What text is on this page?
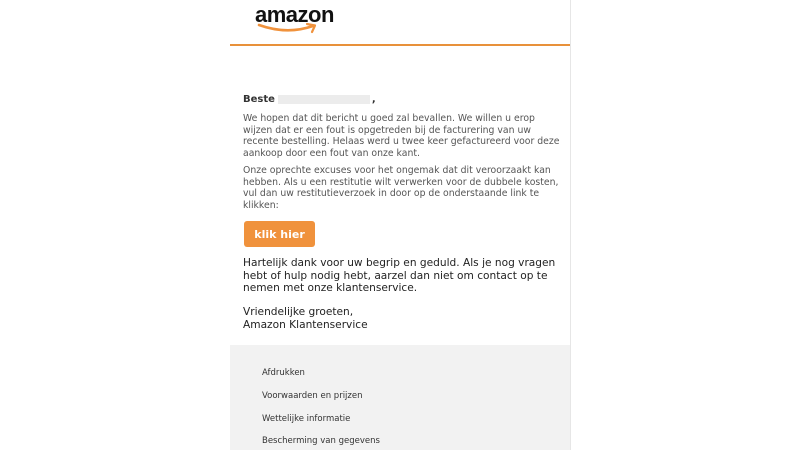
amazon
Beste	,

We hopen dat dit bericht u goed zal bevallen. We willen u erop wijzen dat er een fout is opgetreden bij de facturering van uw recente bestelling. Helaas werd u twee keer gefactureerd voor deze aankoop door een fout van onze kant.

Onze oprechte excuses voor het ongemak dat dit veroorzaakt kan hebben. Als u een restitutie wilt verwerken voor de dubbele kosten, vul dan uw restitutieverzoek in door op de onderstaande link te klikken:

klik hier

Hartelijk dank voor uw begrip en geduld. Als je nog vragen hebt of hulp nodig hebt, aarzel dan niet om contact op te nemen met onze klantenservice.

Vriendelijke groeten,
Amazon Klantenservice
Afdrukken
Voorwaarden en prijzen
Wettelijke informatie
Bescherming van gegevens
